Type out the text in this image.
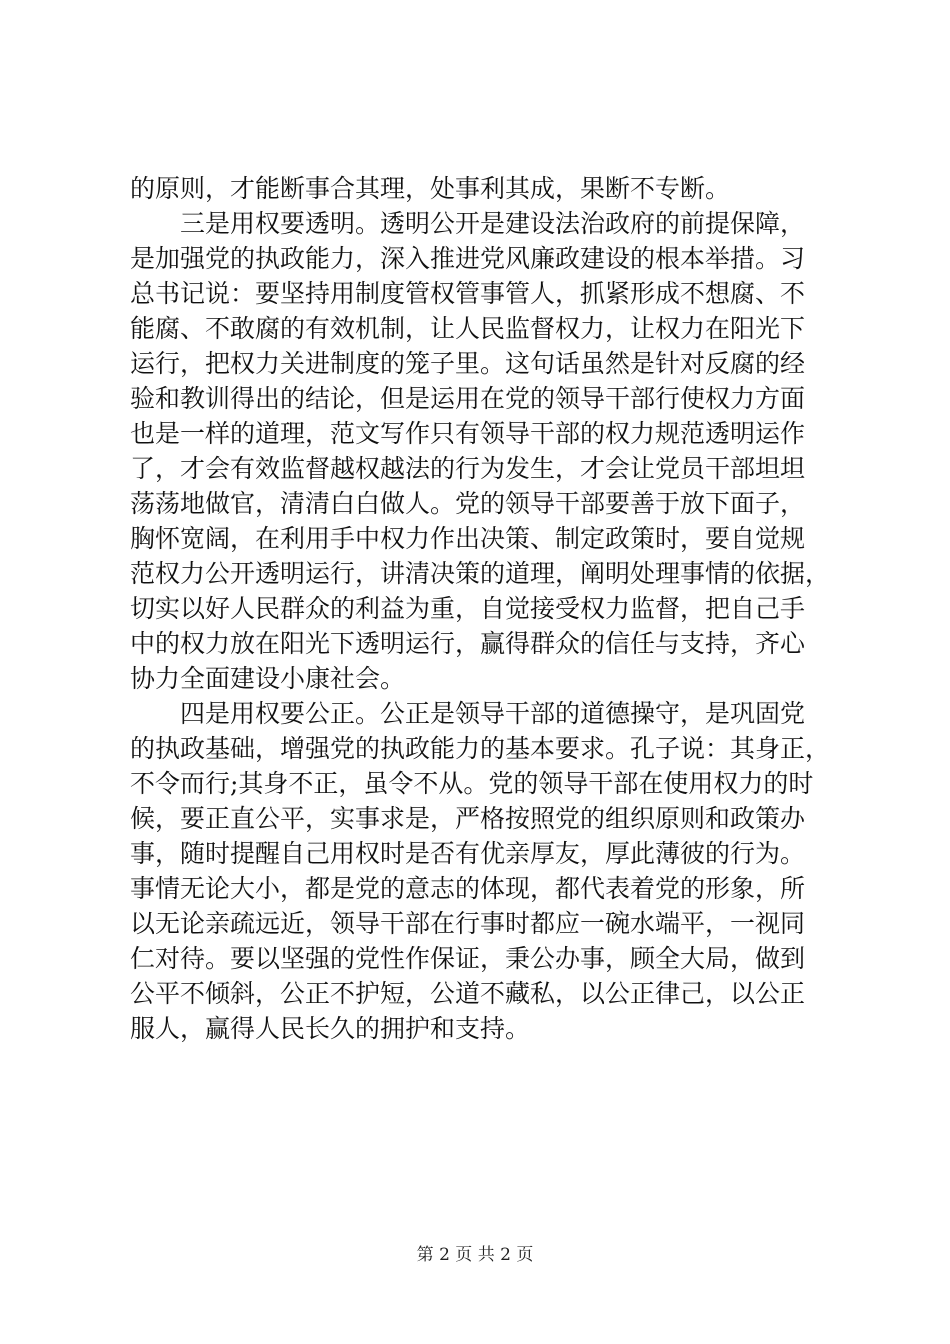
的原则，才能断事合其理，处事利其成，果断不专断。
　　三是用权要透明。透明公开是建设法治政府的前提保障，
是加强党的执政能力，深入推进党风廉政建设的根本举措。习
总书记说：要坚持用制度管权管事管人，抓紧形成不想腐、不
能腐、不敢腐的有效机制，让人民监督权力，让权力在阳光下
运行，把权力关进制度的笼子里。这句话虽然是针对反腐的经
验和教训得出的结论，但是运用在党的领导干部行使权力方面
也是一样的道理，范文写作只有领导干部的权力规范透明运作
了，才会有效监督越权越法的行为发生，才会让党员干部坦坦
荡荡地做官，清清白白做人。党的领导干部要善于放下面子，
胸怀宽阔，在利用手中权力作出决策、制定政策时，要自觉规
范权力公开透明运行，讲清决策的道理，阐明处理事情的依据，
切实以好人民群众的利益为重，自觉接受权力监督，把自己手
中的权力放在阳光下透明运行，赢得群众的信任与支持，齐心
协力全面建设小康社会。
　　四是用权要公正。公正是领导干部的道德操守，是巩固党
的执政基础，增强党的执政能力的基本要求。孔子说：其身正，
不令而行;其身不正，虽令不从。党的领导干部在使用权力的时
候，要正直公平，实事求是，严格按照党的组织原则和政策办
事，随时提醒自己用权时是否有优亲厚友，厚此薄彼的行为。
事情无论大小，都是党的意志的体现，都代表着党的形象，所
以无论亲疏远近，领导干部在行事时都应一碗水端平，一视同
仁对待。要以坚强的党性作保证，秉公办事，顾全大局，做到
公平不倾斜，公正不护短，公道不藏私，以公正律己，以公正
服人，赢得人民长久的拥护和支持。
第 2 页 共 2 页
